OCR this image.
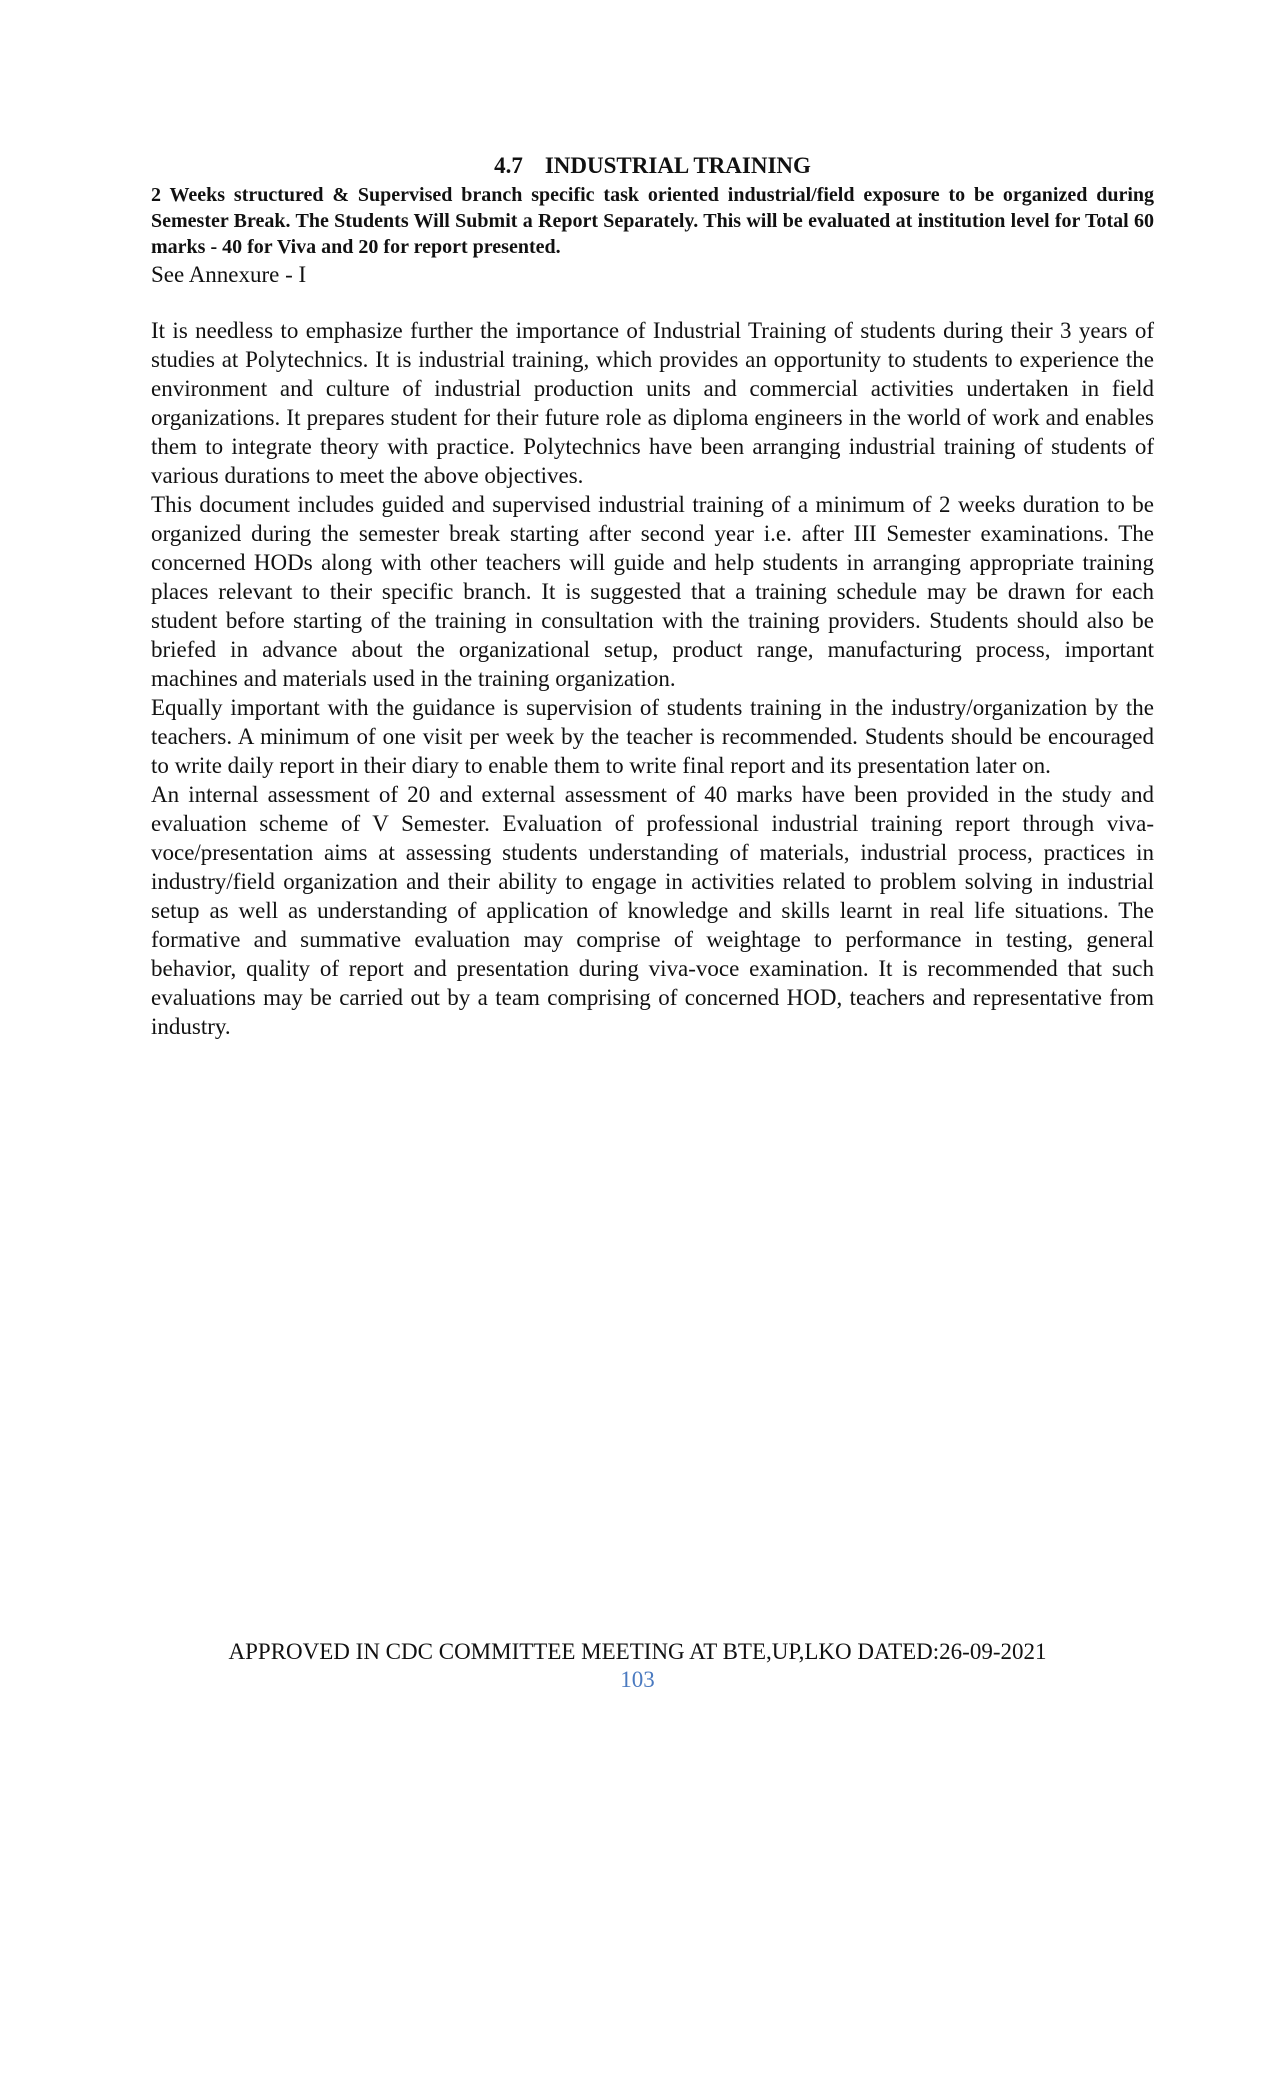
4.7 INDUSTRIAL TRAINING

2 Weeks structured & Supervised branch specific task oriented industrial/field exposure to be organized during Semester Break. The Students Will Submit a Report Separately. This will be evaluated at institution level for Total 60 marks - 40 for Viva and 20 for report presented.

See Annexure - I

It is needless to emphasize further the importance of Industrial Training of students during their 3 years of studies at Polytechnics. It is industrial training, which provides an opportunity to students to experience the environment and culture of industrial production units and commercial activities undertaken in field organizations. It prepares student for their future role as diploma engineers in the world of work and enables them to integrate theory with practice. Polytechnics have been arranging industrial training of students of various durations to meet the above objectives.

This document includes guided and supervised industrial training of a minimum of 2 weeks duration to be organized during the semester break starting after second year i.e. after III Semester examinations. The concerned HODs along with other teachers will guide and help students in arranging appropriate training places relevant to their specific branch. It is suggested that a training schedule may be drawn for each student before starting of the training in consultation with the training providers. Students should also be briefed in advance about the organizational setup, product range, manufacturing process, important machines and materials used in the training organization.

Equally important with the guidance is supervision of students training in the industry/organization by the teachers. A minimum of one visit per week by the teacher is recommended. Students should be encouraged to write daily report in their diary to enable them to write final report and its presentation later on.

An internal assessment of 20 and external assessment of 40 marks have been provided in the study and evaluation scheme of V Semester. Evaluation of professional industrial training report through viva-voce/presentation aims at assessing students understanding of materials, industrial process, practices in industry/field organization and their ability to engage in activities related to problem solving in industrial setup as well as understanding of application of knowledge and skills learnt in real life situations. The formative and summative evaluation may comprise of weightage to performance in testing, general behavior, quality of report and presentation during viva-voce examination. It is recommended that such evaluations may be carried out by a team comprising of concerned HOD, teachers and representative from industry.

APPROVED IN CDC COMMITTEE MEETING AT BTE,UP,LKO DATED:26-09-2021

103
